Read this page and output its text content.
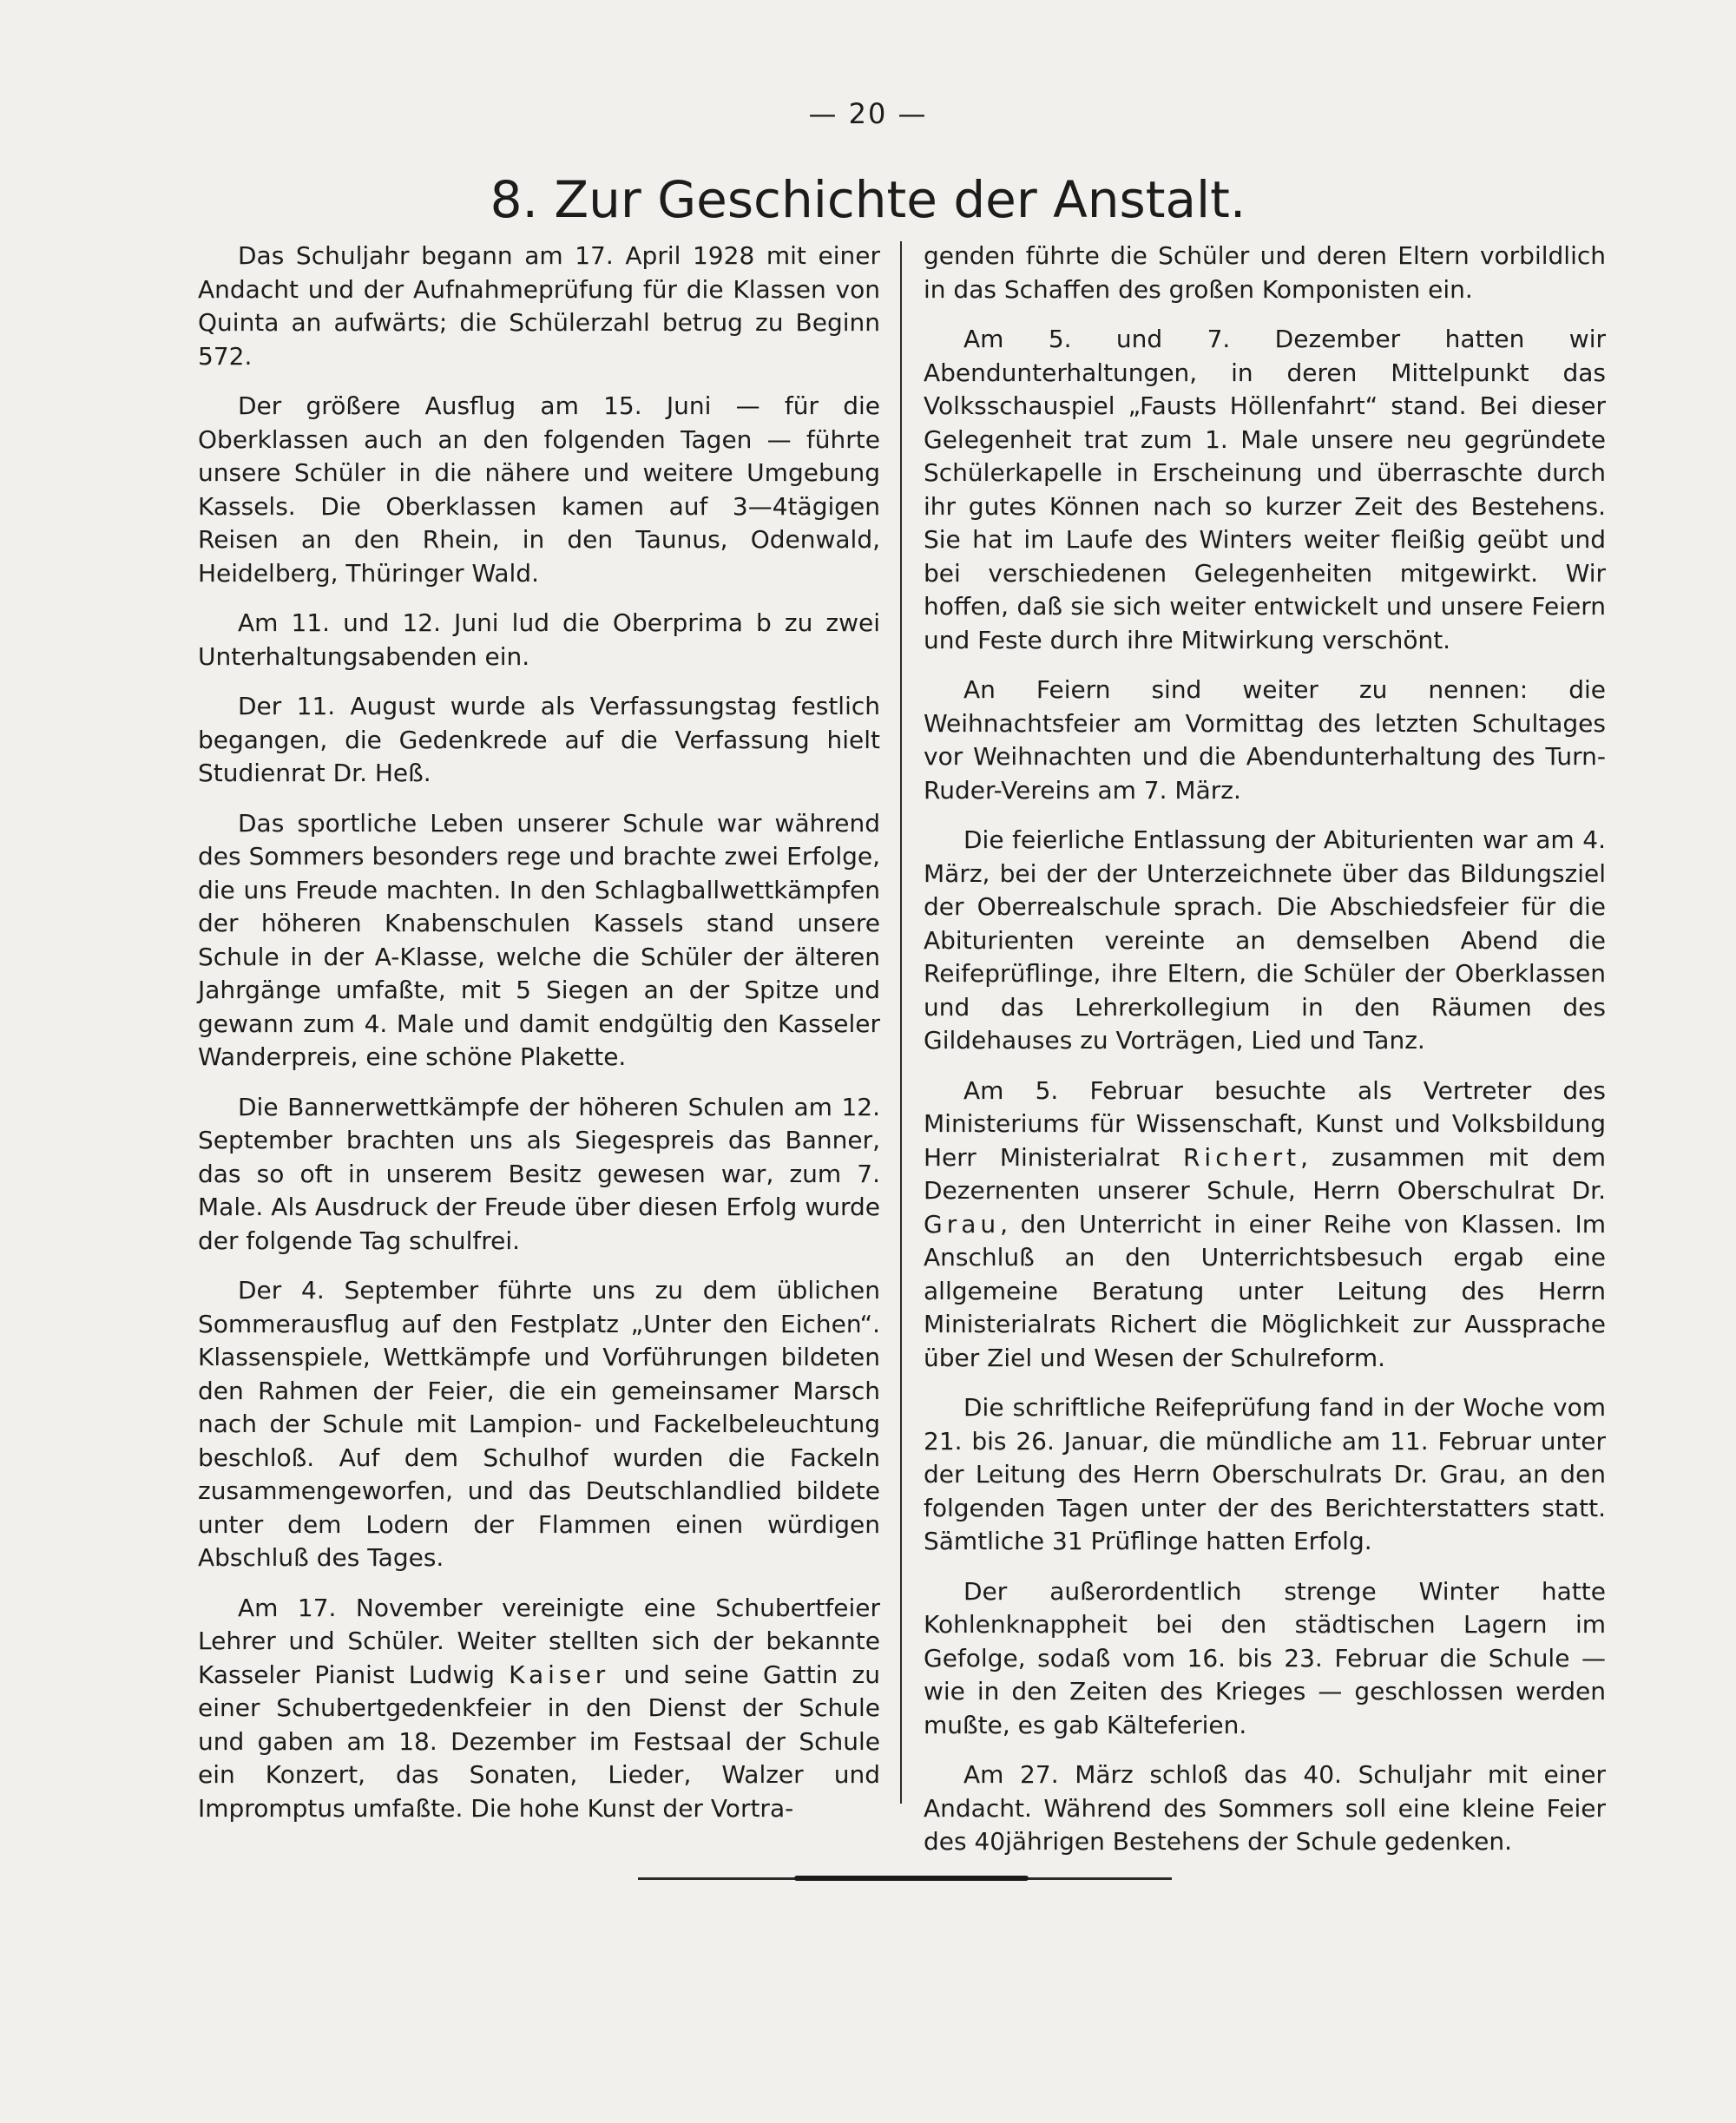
— 20 —
8. Zur Geschichte der Anstalt.

Das Schuljahr begann am 17. April 1928 mit einer Andacht und der Aufnahmeprüfung für die Klassen von Quinta an aufwärts; die Schülerzahl betrug zu Beginn 572.

Der größere Ausflug am 15. Juni — für die Oberklassen auch an den folgenden Tagen — führte unsere Schüler in die nähere und weitere Umgebung Kassels. Die Oberklassen kamen auf 3—4tägigen Reisen an den Rhein, in den Taunus, Odenwald, Heidelberg, Thüringer Wald.

Am 11. und 12. Juni lud die Oberprima b zu zwei Unterhaltungsabenden ein.

Der 11. August wurde als Verfassungstag festlich begangen, die Gedenkrede auf die Verfassung hielt Studienrat Dr. Heß.

Das sportliche Leben unserer Schule war während des Sommers besonders rege und brachte zwei Erfolge, die uns Freude machten. In den Schlagballwettkämpfen der höheren Knabenschulen Kassels stand unsere Schule in der A-Klasse, welche die Schüler der älteren Jahrgänge umfaßte, mit 5 Siegen an der Spitze und gewann zum 4. Male und damit endgültig den Kasseler Wanderpreis, eine schöne Plakette.

Die Bannerwettkämpfe der höheren Schulen am 12. September brachten uns als Siegespreis das Banner, das so oft in unserem Besitz gewesen war, zum 7. Male. Als Ausdruck der Freude über diesen Erfolg wurde der folgende Tag schulfrei.

Der 4. September führte uns zu dem üblichen Sommerausflug auf den Festplatz „Unter den Eichen“. Klassenspiele, Wettkämpfe und Vorführungen bildeten den Rahmen der Feier, die ein gemeinsamer Marsch nach der Schule mit Lampion- und Fackelbeleuchtung beschloß. Auf dem Schulhof wurden die Fackeln zusammengeworfen, und das Deutschlandlied bildete unter dem Lodern der Flammen einen würdigen Abschluß des Tages.

Am 17. November vereinigte eine Schubertfeier Lehrer und Schüler. Weiter stellten sich der bekannte Kasseler Pianist Ludwig Kaiser und seine Gattin zu einer Schubertgedenkfeier in den Dienst der Schule und gaben am 18. Dezember im Festsaal der Schule ein Konzert, das Sonaten, Lieder, Walzer und Impromptus umfaßte. Die hohe Kunst der Vortra-

genden führte die Schüler und deren Eltern vorbildlich in das Schaffen des großen Komponisten ein.

Am 5. und 7. Dezember hatten wir Abendunterhaltungen, in deren Mittelpunkt das Volksschauspiel „Fausts Höllenfahrt“ stand. Bei dieser Gelegenheit trat zum 1. Male unsere neu gegründete Schülerkapelle in Erscheinung und überraschte durch ihr gutes Können nach so kurzer Zeit des Bestehens. Sie hat im Laufe des Winters weiter fleißig geübt und bei verschiedenen Gelegenheiten mitgewirkt. Wir hoffen, daß sie sich weiter entwickelt und unsere Feiern und Feste durch ihre Mitwirkung verschönt.

An Feiern sind weiter zu nennen: die Weihnachtsfeier am Vormittag des letzten Schultages vor Weihnachten und die Abendunterhaltung des Turn-Ruder-Vereins am 7. März.

Die feierliche Entlassung der Abiturienten war am 4. März, bei der der Unterzeichnete über das Bildungsziel der Oberrealschule sprach. Die Abschiedsfeier für die Abiturienten vereinte an demselben Abend die Reifeprüflinge, ihre Eltern, die Schüler der Oberklassen und das Lehrerkollegium in den Räumen des Gildehauses zu Vorträgen, Lied und Tanz.

Am 5. Februar besuchte als Vertreter des Ministeriums für Wissenschaft, Kunst und Volksbildung Herr Ministerialrat Richert, zusammen mit dem Dezernenten unserer Schule, Herrn Oberschulrat Dr. Grau, den Unterricht in einer Reihe von Klassen. Im Anschluß an den Unterrichtsbesuch ergab eine allgemeine Beratung unter Leitung des Herrn Ministerialrats Richert die Möglichkeit zur Aussprache über Ziel und Wesen der Schulreform.

Die schriftliche Reifeprüfung fand in der Woche vom 21. bis 26. Januar, die mündliche am 11. Februar unter der Leitung des Herrn Oberschulrats Dr. Grau, an den folgenden Tagen unter der des Berichterstatters statt. Sämtliche 31 Prüflinge hatten Erfolg.

Der außerordentlich strenge Winter hatte Kohlenknappheit bei den städtischen Lagern im Gefolge, sodaß vom 16. bis 23. Februar die Schule — wie in den Zeiten des Krieges — geschlossen werden mußte, es gab Kälteferien.

Am 27. März schloß das 40. Schuljahr mit einer Andacht. Während des Sommers soll eine kleine Feier des 40jährigen Bestehens der Schule gedenken.
